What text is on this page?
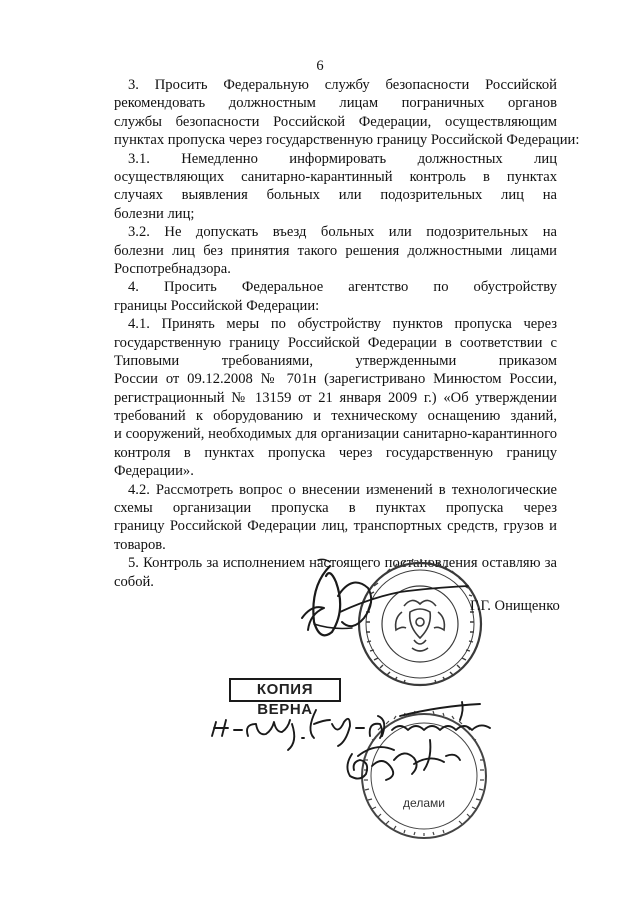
6
3. Просить Федеральную службу безопасности Российской
рекомендовать должностным лицам пограничных органов
службы безопасности Российской Федерации, осуществляющим
пунктах пропуска через государственную границу Российской Федерации:
3.1. Немедленно информировать должностных лиц
осуществляющих санитарно-карантинный контроль в пунктах
случаях выявления больных или подозрительных лиц на
болезни лиц;
3.2. Не допускать въезд больных или подозрительных на
болезни лиц без принятия такого решения должностными лицами
Роспотребнадзора.
4. Просить Федеральное агентство по обустройству
границы Российской Федерации:
4.1. Принять меры по обустройству пунктов пропуска через
государственную границу Российской Федерации в соответствии с
Типовыми требованиями, утвержденными приказом
России от 09.12.2008 № 701н (зарегистривано Минюстом России,
регистрационный № 13159 от 21 января 2009 г.) «Об утверждении
требований к оборудованию и техническому оснащению зданий,
и сооружений, необходимых для организации санитарно-карантинного
контроля в пунктах пропуска через государственную границу
Федерации».
4.2. Рассмотреть вопрос о внесении изменений в технологические
схемы организации пропуска в пунктах пропуска через
границу Российской Федерации лиц, транспортных средств, грузов и
товаров.
5. Контроль за исполнением настоящего постановления оставляю за
собой.
Г.Г. Онищенко
КОПИЯ ВЕРНА
делами
